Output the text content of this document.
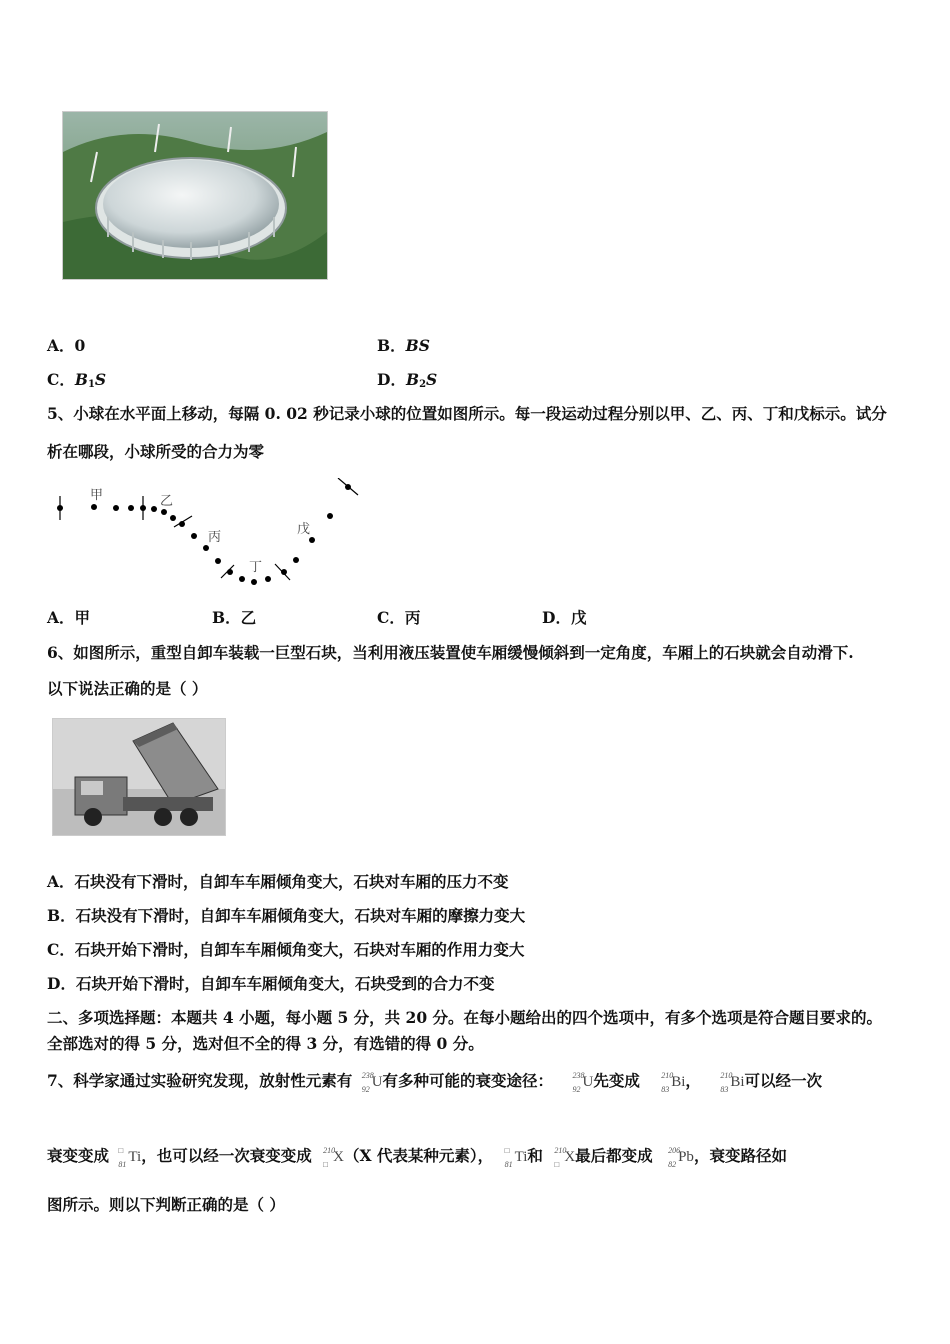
A．0	B．BS
C．$B_1S$	D．$B_2S$
5、小球在水平面上移动，每隔 0. 02 秒记录小球的位置如图所示。每一段运动过程分别以甲、乙、丙、丁和戊标示。试分
析在哪段，小球所受的合力为零
甲	乙
丙
丁
戊
A．甲	B．乙	C．丙	D．戊
6、如图所示，重型自卸车装载一巨型石块，当利用液压装置使车厢缓慢倾斜到一定角度，车厢上的石块就会自动滑下.
以下说法正确的是（ ）
A．石块没有下滑时，自卸车车厢倾角变大，石块对车厢的压力不变
B．石块没有下滑时，自卸车车厢倾角变大，石块对车厢的摩擦力变大
C．石块开始下滑时，自卸车车厢倾角变大，石块对车厢的作用力变大
D．石块开始下滑时，自卸车车厢倾角变大，石块受到的合力不变
二、多项选择题：本题共 4 小题，每小题 5 分，共 20 分。在每小题给出的四个选项中，有多个选项是符合题目要求的。
全部选对的得 5 分，选对但不全的得 3 分，有选错的得 0 分。
7、科学家通过实验研究发现，放射性元素有 238
92 U有多种可能的衰变途径： 238
92 U先变成	210
83 Bi， 210
83 Bi可以经一次
衰变变成 □
81 Ti，也可以经一次衰变变成 210
□ X（X 代表某种元素）， □
81 Ti和 210
□ X最后都变成 206
82 Pb，衰变路径如
图所示。则以下判断正确的是（ ）
